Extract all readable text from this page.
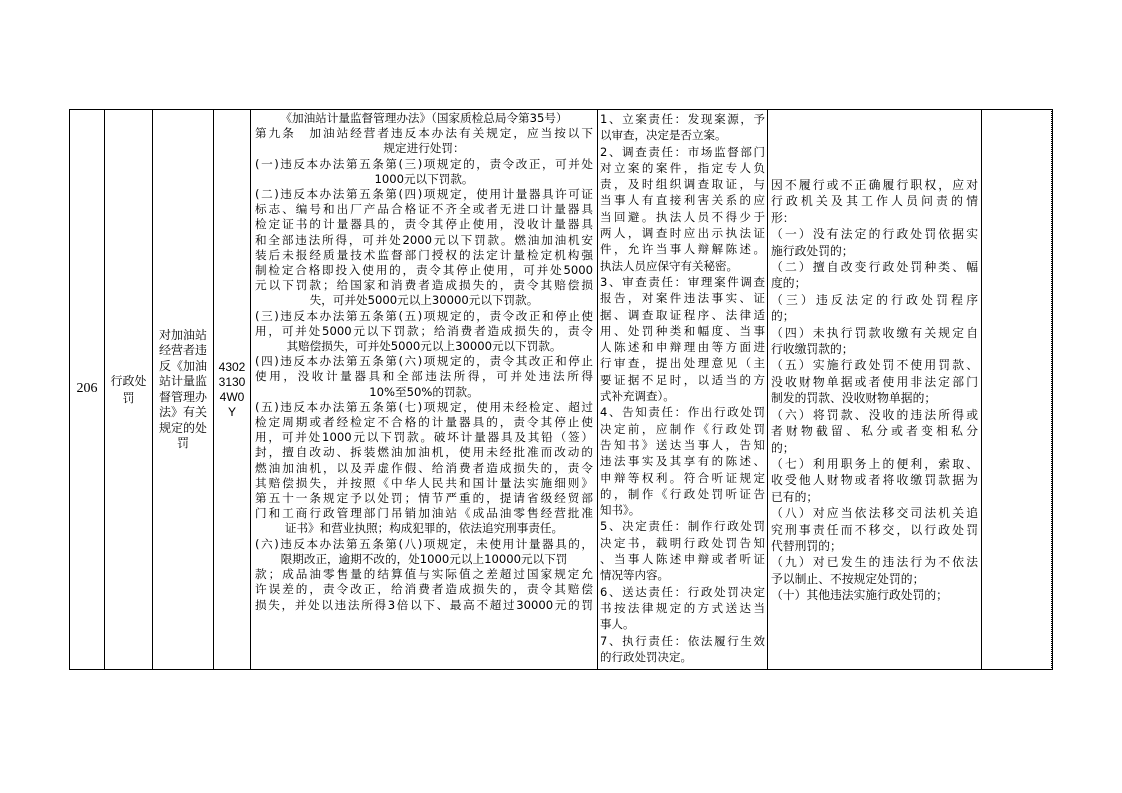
206
行政处
罚
对加油站
经营者违
反《加油
站计量监
督管理办
法》有关
规定的处
罚
4302
3130
4W0
Y
《加油站计量监督管理办法》（国家质检总局令第35号）
第九条　加油站经营者违反本办法有关规定，应当按以下
规定进行处罚：
(一)违反本办法第五条第(三)项规定的，责令改正，可并处
1000元以下罚款。
(二)违反本办法第五条第(四)项规定，使用计量器具许可证
标志、编号和出厂产品合格证不齐全或者无进口计量器具
检定证书的计量器具的，责令其停止使用，没收计量器具
和全部违法所得，可并处2000元以下罚款。燃油加油机安
装后未报经质量技术监督部门授权的法定计量检定机构强
制检定合格即投入使用的，责令其停止使用，可并处5000
元以下罚款；给国家和消费者造成损失的，责令其赔偿损
失，可并处5000元以上30000元以下罚款。
(三)违反本办法第五条第(五)项规定的，责令改正和停止使
用，可并处5000元以下罚款；给消费者造成损失的，责令
其赔偿损失，可并处5000元以上30000元以下罚款。
(四)违反本办法第五条第(六)项规定的，责令其改正和停止
使用，没收计量器具和全部违法所得，可并处违法所得
10%至50%的罚款。
(五)违反本办法第五条第(七)项规定，使用未经检定、超过
检定周期或者经检定不合格的计量器具的，责令其停止使
用，可并处1000元以下罚款。破坏计量器具及其铅（签）
封，擅自改动、拆装燃油加油机，使用未经批准而改动的
燃油加油机，以及弄虚作假、给消费者造成损失的，责令
其赔偿损失，并按照《中华人民共和国计量法实施细则》
第五十一条规定予以处罚；情节严重的，提请省级经贸部
门和工商行政管理部门吊销加油站《成品油零售经营批准
证书》和营业执照；构成犯罪的，依法追究刑事责任。
(六)违反本办法第五条第(八)项规定，未使用计量器具的，
限期改正，逾期不改的，处1000元以上10000元以下罚
款；成品油零售量的结算值与实际值之差超过国家规定允
许误差的，责令改正，给消费者造成损失的，责令其赔偿
损失，并处以违法所得3倍以下、最高不超过30000元的罚
1、立案责任：发现案源，予
以审查，决定是否立案。
2、调查责任：市场监督部门
对立案的案件，指定专人负
责，及时组织调查取证，与
当事人有直接利害关系的应
当回避。执法人员不得少于
两人，调查时应出示执法证
件，允许当事人辩解陈述。
执法人员应保守有关秘密。
3、审查责任：审理案件调查
报告，对案件违法事实、证
据、调查取证程序、法律适
用、处罚种类和幅度、当事
人陈述和申辩理由等方面进
行审查，提出处理意见（主
要证据不足时，以适当的方
式补充调查）。
4、告知责任：作出行政处罚
决定前，应制作《行政处罚
告知书》送达当事人，告知
违法事实及其享有的陈述、
申辩等权利。符合听证规定
的，制作《行政处罚听证告
知书》。
5、决定责任：制作行政处罚
决定书，载明行政处罚告知
、当事人陈述申辩或者听证
情况等内容。
6、送达责任：行政处罚决定
书按法律规定的方式送达当
事人。
7、执行责任：依法履行生效
的行政处罚决定。
因不履行或不正确履行职权，应对
行政机关及其工作人员问责的情
形：
（一）没有法定的行政处罚依据实
施行政处罚的；
（二）擅自改变行政处罚种类、幅
度的；
（三）违反法定的行政处罚程序
的；
（四）未执行罚款收缴有关规定自
行收缴罚款的；
（五）实施行政处罚不使用罚款、
没收财物单据或者使用非法定部门
制发的罚款、没收财物单据的；
（六）将罚款、没收的违法所得或
者财物截留、私分或者变相私分
的；
（七）利用职务上的便利，索取、
收受他人财物或者将收缴罚款据为
已有的；
（八）对应当依法移交司法机关追
究刑事责任而不移交，以行政处罚
代替刑罚的；
（九）对已发生的违法行为不依法
予以制止、不按规定处罚的；
（十）其他违法实施行政处罚的；
